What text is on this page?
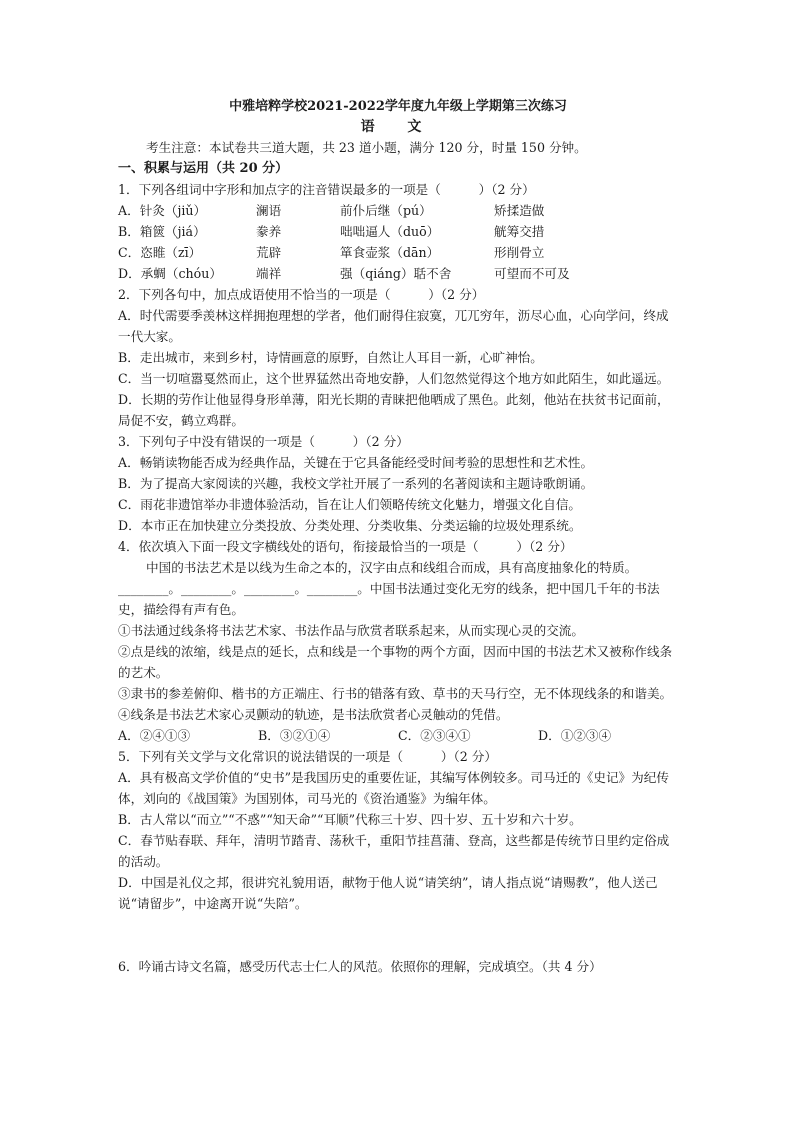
中雅培粹学校2021-2022学年度九年级上学期第三次练习
语 文
考生注意：本试卷共三道大题，共 23 道小题，满分 120 分，时量 150 分钟。
一、积累与运用（共 20 分）
1．下列各组词中字形和加点字的注音错误最多的一项是（　　　）（2 分）
A．针灸（jiǔ）	澜语	前仆后继（pú）	矫揉造做
B．箱篋（jiá）	豢养	咄咄逼人（duō）	觥筹交措
C．恣睢（zī）	荒辟	箪食壶浆（dān）	形削骨立
D．承蜩（chóu）	端祥	强（qiáng）聒不舍	可望而不可及
2．下列各句中，加点成语使用不恰当的一项是（　　　）（2 分）
A．时代需要季羡林这样拥抱理想的学者，他们耐得住寂寞，兀兀穷年，沥尽心血，心向学问，终成一代大家。
B．走出城市，来到乡村，诗情画意的原野，自然让人耳目一新，心旷神怡。
C．当一切喧嚣戛然而止，这个世界猛然出奇地安静，人们忽然觉得这个地方如此陌生，如此遥远。
D．长期的劳作让他显得身形单薄，阳光长期的青睐把他晒成了黑色。此刻，他站在扶贫书记面前，局促不安，鹤立鸡群。
3．下列句子中没有错误的一项是（　　　）（2 分）
A．畅销读物能否成为经典作品，关键在于它具备能经受时间考验的思想性和艺术性。
B．为了提高大家阅读的兴趣，我校文学社开展了一系列的名著阅读和主题诗歌朗诵。
C．雨花非遗馆举办非遗体验活动，旨在让人们领略传统文化魅力，增强文化自信。
D．本市正在加快建立分类投放、分类处理、分类收集、分类运输的垃圾处理系统。
4．依次填入下面一段文字横线处的语句，衔接最恰当的一项是（　　　）（2 分）
中国的书法艺术是以线为生命之本的，汉字由点和线组合而成，具有高度抽象化的特质。
________。________。________。________。中国书法通过变化无穷的线条，把中国几千年的书法史，描绘得有声有色。
①书法通过线条将书法艺术家、书法作品与欣赏者联系起来，从而实现心灵的交流。
②点是线的浓缩，线是点的延长，点和线是一个事物的两个方面，因而中国的书法艺术又被称作线条的艺术。
③隶书的参差俯仰、楷书的方正端庄、行书的错落有致、草书的天马行空，无不体现线条的和谐美。
④线条是书法艺术家心灵颤动的轨迹，是书法欣赏者心灵触动的凭借。
A．②④①③	B．③②①④	C．②③④①	D．①②③④
5．下列有关文学与文化常识的说法错误的一项是（　　　）（2 分）
A．具有极高文学价值的“史书”是我国历史的重要佐证，其编写体例较多。司马迁的《史记》为纪传体，刘向的《战国策》为国别体，司马光的《资治通鉴》为编年体。
B．古人常以“而立”“不惑”“知天命”“耳顺”代称三十岁、四十岁、五十岁和六十岁。
C．春节贴春联、拜年，清明节踏青、荡秋千，重阳节挂菖蒲、登高，这些都是传统节日里约定俗成的活动。
D．中国是礼仪之邦，很讲究礼貌用语，献物于他人说“请笑纳”，请人指点说“请赐教”，他人送己说“请留步”，中途离开说“失陪”。
6．吟诵古诗文名篇，感受历代志士仁人的风范。依照你的理解，完成填空。（共 4 分）
